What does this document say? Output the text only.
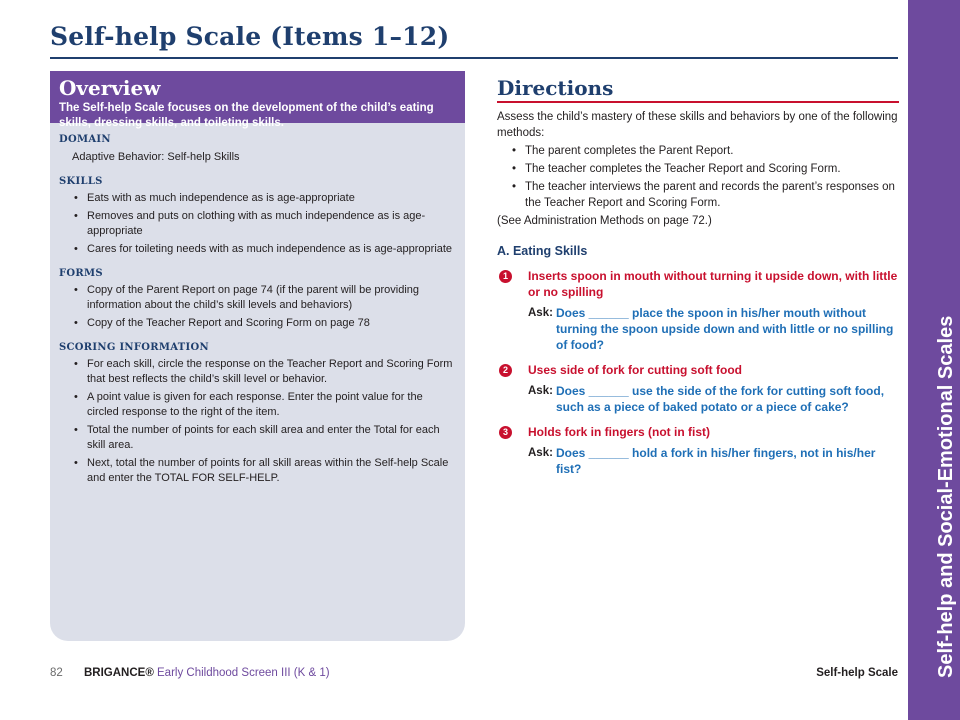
Self-help Scale (Items 1–12)
Self-help and Social-Emotional Scales
Overview
The Self-help Scale focuses on the development of the child’s eating skills, dressing skills, and toileting skills.
DOMAIN
Adaptive Behavior: Self-help Skills
SKILLS
• Eats with as much independence as is age-appropriate
• Removes and puts on clothing with as much independence as is age-appropriate
• Cares for toileting needs with as much independence as is age-appropriate
FORMS
• Copy of the Parent Report on page 74 (if the parent will be providing information about the child’s skill levels and behaviors)
• Copy of the Teacher Report and Scoring Form on page 78
SCORING INFORMATION
• For each skill, circle the response on the Teacher Report and Scoring Form that best reflects the child’s skill level or behavior.
• A point value is given for each response. Enter the point value for the circled response to the right of the item.
• Total the number of points for each skill area and enter the Total for each skill area.
• Next, total the number of points for all skill areas within the Self-help Scale and enter the TOTAL FOR SELF-HELP.
Directions
Assess the child’s mastery of these skills and behaviors by one of the following methods:
• The parent completes the Parent Report.
• The teacher completes the Teacher Report and Scoring Form.
• The teacher interviews the parent and records the parent’s responses on the Teacher Report and Scoring Form.
(See Administration Methods on page 72.)
A. Eating Skills
1	Inserts spoon in mouth without turning it upside down, with little or no spilling
Ask: Does ______ place the spoon in his/her mouth without turning the spoon upside down and with little or no spilling of food?
2	Uses side of fork for cutting soft food
Ask: Does ______ use the side of the fork for cutting soft food, such as a piece of baked potato or a piece of cake?
3	Holds fork in fingers (not in fist)
Ask: Does ______ hold a fork in his/her fingers, not in his/her fist?
82 BRIGANCE® Early Childhood Screen III (K & 1)	Self-help Scale
